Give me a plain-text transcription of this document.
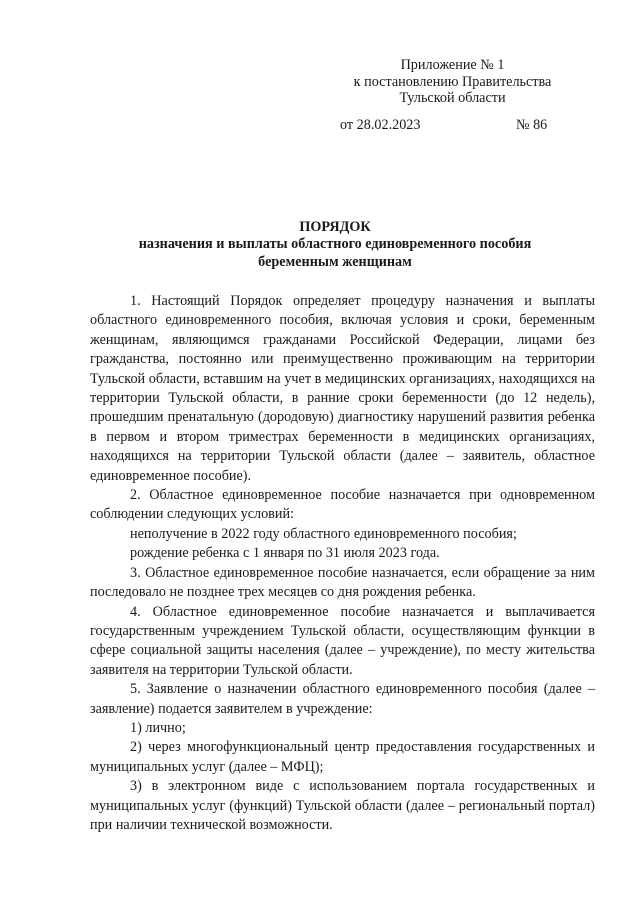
Приложение № 1
к постановлению Правительства
Тульской области
от 28.02.2023	№ 86
ПОРЯДОК
назначения и выплаты областного единовременного пособия
беременным женщинам

1. Настоящий Порядок определяет процедуру назначения и выплаты областного единовременного пособия, включая условия и сроки, беременным женщинам, являющимся гражданами Российской Федерации, лицами без гражданства, постоянно или преимущественно проживающим на территории Тульской области, вставшим на учет в медицинских организациях, находящихся на территории Тульской области, в ранние сроки беременности (до 12 недель), прошедшим пренатальную (дородовую) диагностику нарушений развития ребенка в первом и втором триместрах беременности в медицинских организациях, находящихся на территории Тульской области (далее – заявитель, областное единовременное пособие).

2. Областное единовременное пособие назначается при одновременном соблюдении следующих условий:

неполучение в 2022 году областного единовременного пособия;

рождение ребенка с 1 января по 31 июля 2023 года.

3. Областное единовременное пособие назначается, если обращение за ним последовало не позднее трех месяцев со дня рождения ребенка.

4. Областное единовременное пособие назначается и выплачивается государственным учреждением Тульской области, осуществляющим функции в сфере социальной защиты населения (далее – учреждение), по месту жительства заявителя на территории Тульской области.

5. Заявление о назначении областного единовременного пособия (далее – заявление) подается заявителем в учреждение:

1) лично;

2) через многофункциональный центр предоставления государственных и муниципальных услуг (далее – МФЦ);

3) в электронном виде с использованием портала государственных и муниципальных услуг (функций) Тульской области (далее – региональный портал) при наличии технической возможности.
